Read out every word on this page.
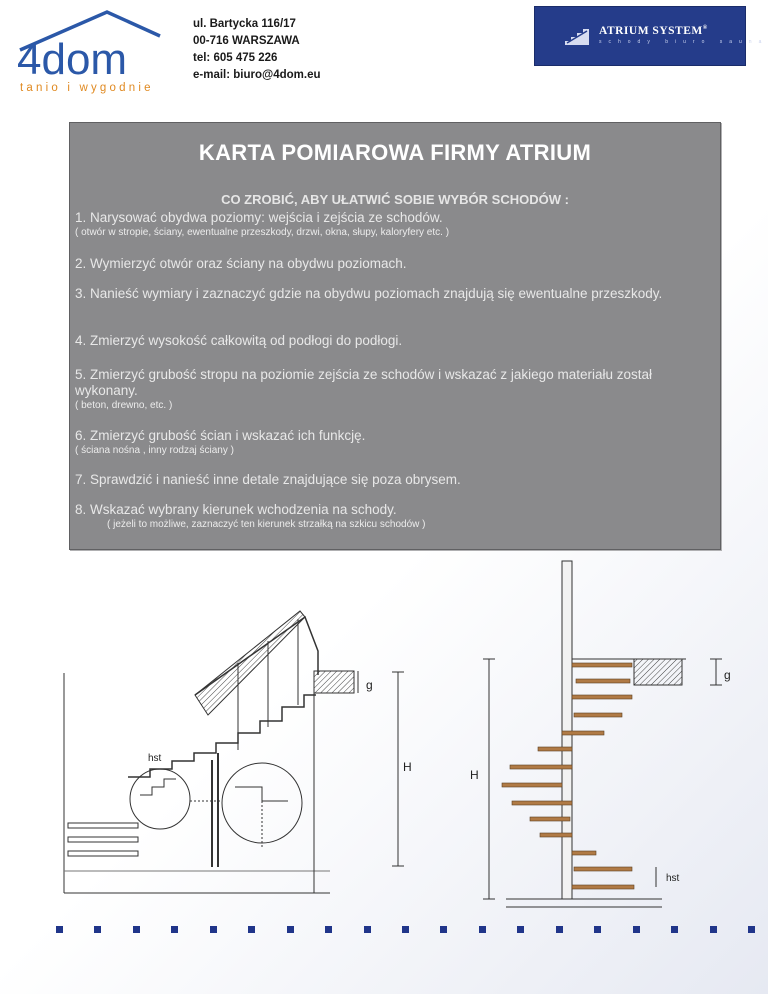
4dom
tanio i wygodnie
ul. Bartycka 116/17
00-716 WARSZAWA
tel: 605 475 226
e-mail: biuro@4dom.eu
ATRIUM SYSTEM®
schody biuro sauna
KARTA POMIAROWA FIRMY ATRIUM
CO ZROBIĆ, ABY UŁATWIĆ SOBIE WYBÓR SCHODÓW :
1. Narysować obydwa poziomy: wejścia i zejścia ze schodów.
( otwór w stropie, ściany, ewentualne przeszkody, drzwi, okna, słupy, kaloryfery etc. )
2. Wymierzyć otwór oraz ściany na obydwu poziomach.
3. Nanieść wymiary i zaznaczyć gdzie na obydwu poziomach znajdują się ewentualne przeszkody.
4. Zmierzyć wysokość całkowitą od podłogi do podłogi.
5. Zmierzyć grubość stropu na poziomie zejścia ze schodów i wskazać z jakiego materiału został wykonany.
( beton, drewno, etc. )
6. Zmierzyć grubość ścian i wskazać ich funkcję.
( ściana nośna , inny rodzaj ściany )
7. Sprawdzić i nanieść inne detale znajdujące się poza obrysem.
8. Wskazać wybrany kierunek wchodzenia na schody.
( jeżeli to możliwe, zaznaczyć ten kierunek strzałką na szkicu schodów )
g
H
hst
g
H
hst
